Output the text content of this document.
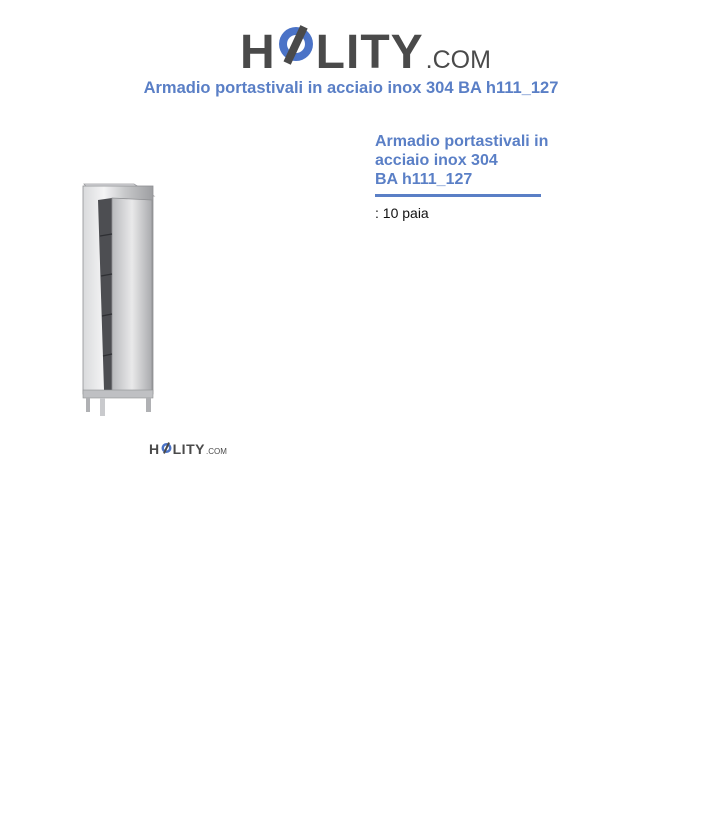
H LITY .COM
Armadio portastivali in acciaio inox 304 BA h111_127
H LITY .COM
Armadio portastivali in
acciaio inox 304
BA h111_127
: 10 paia
